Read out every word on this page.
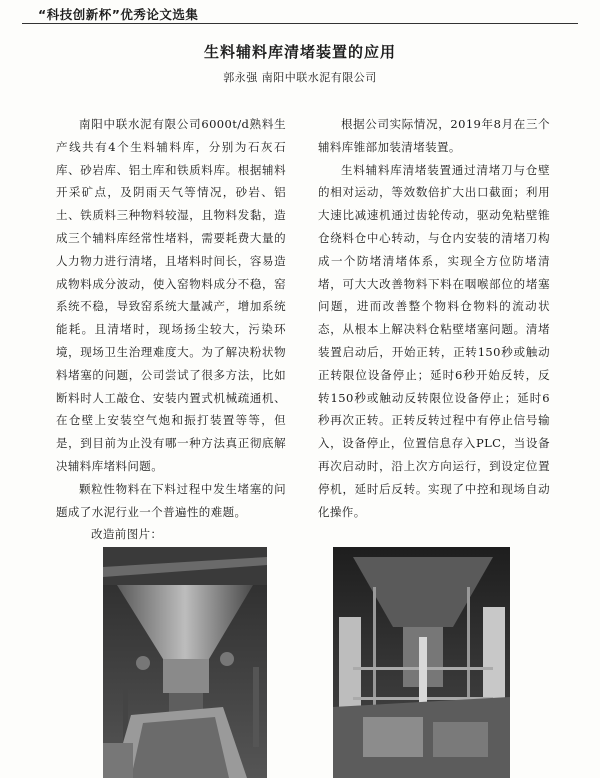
“科技创新杯”优秀论文选集
生料辅料库清堵装置的应用
郭永强 南阳中联水泥有限公司

南阳中联水泥有限公司6000t/d熟料生产线共有4个生料辅料库，分别为石灰石库、砂岩库、铝土库和铁质料库。根据辅料开采矿点，及阴雨天气等情况，砂岩、铝土、铁质料三种物料较湿，且物料发黏，造成三个辅料库经常性堵料，需要耗费大量的人力物力进行清堵，且堵料时间长，容易造成物料成分波动，使入窑物料成分不稳，窑系统不稳，导致窑系统大量减产，增加系统能耗。且清堵时，现场扬尘较大，污染环境，现场卫生治理难度大。为了解决粉状物料堵塞的问题，公司尝试了很多方法，比如断料时人工敲仓、安装内置式机械疏通机、在仓壁上安装空气炮和振打装置等等，但是，到目前为止没有哪一种方法真正彻底解决辅料库堵料问题。

颗粒性物料在下料过程中发生堵塞的问题成了水泥行业一个普遍性的难题。

根据公司实际情况，2019年8月在三个辅料库锥部加装清堵装置。

生料辅料库清堵装置通过清堵刀与仓壁的相对运动，等效数倍扩大出口截面；利用大速比减速机通过齿轮传动，驱动免粘壁锥仓绕料仓中心转动，与仓内安装的清堵刀构成一个防堵清堵体系，实现全方位防堵清堵，可大大改善物料下料在咽喉部位的堵塞问题，进而改善整个物料仓物料的流动状态，从根本上解决料仓粘壁堵塞问题。清堵装置启动后，开始正转，正转150秒或触动正转限位设备停止；延时6秒开始反转，反转150秒或触动反转限位设备停止；延时6秒再次正转。正转反转过程中有停止信号输入，设备停止，位置信息存入PLC，当设备再次启动时，沿上次方向运行，到设定位置停机，延时后反转。实现了中控和现场自动化操作。

改造前图片：
